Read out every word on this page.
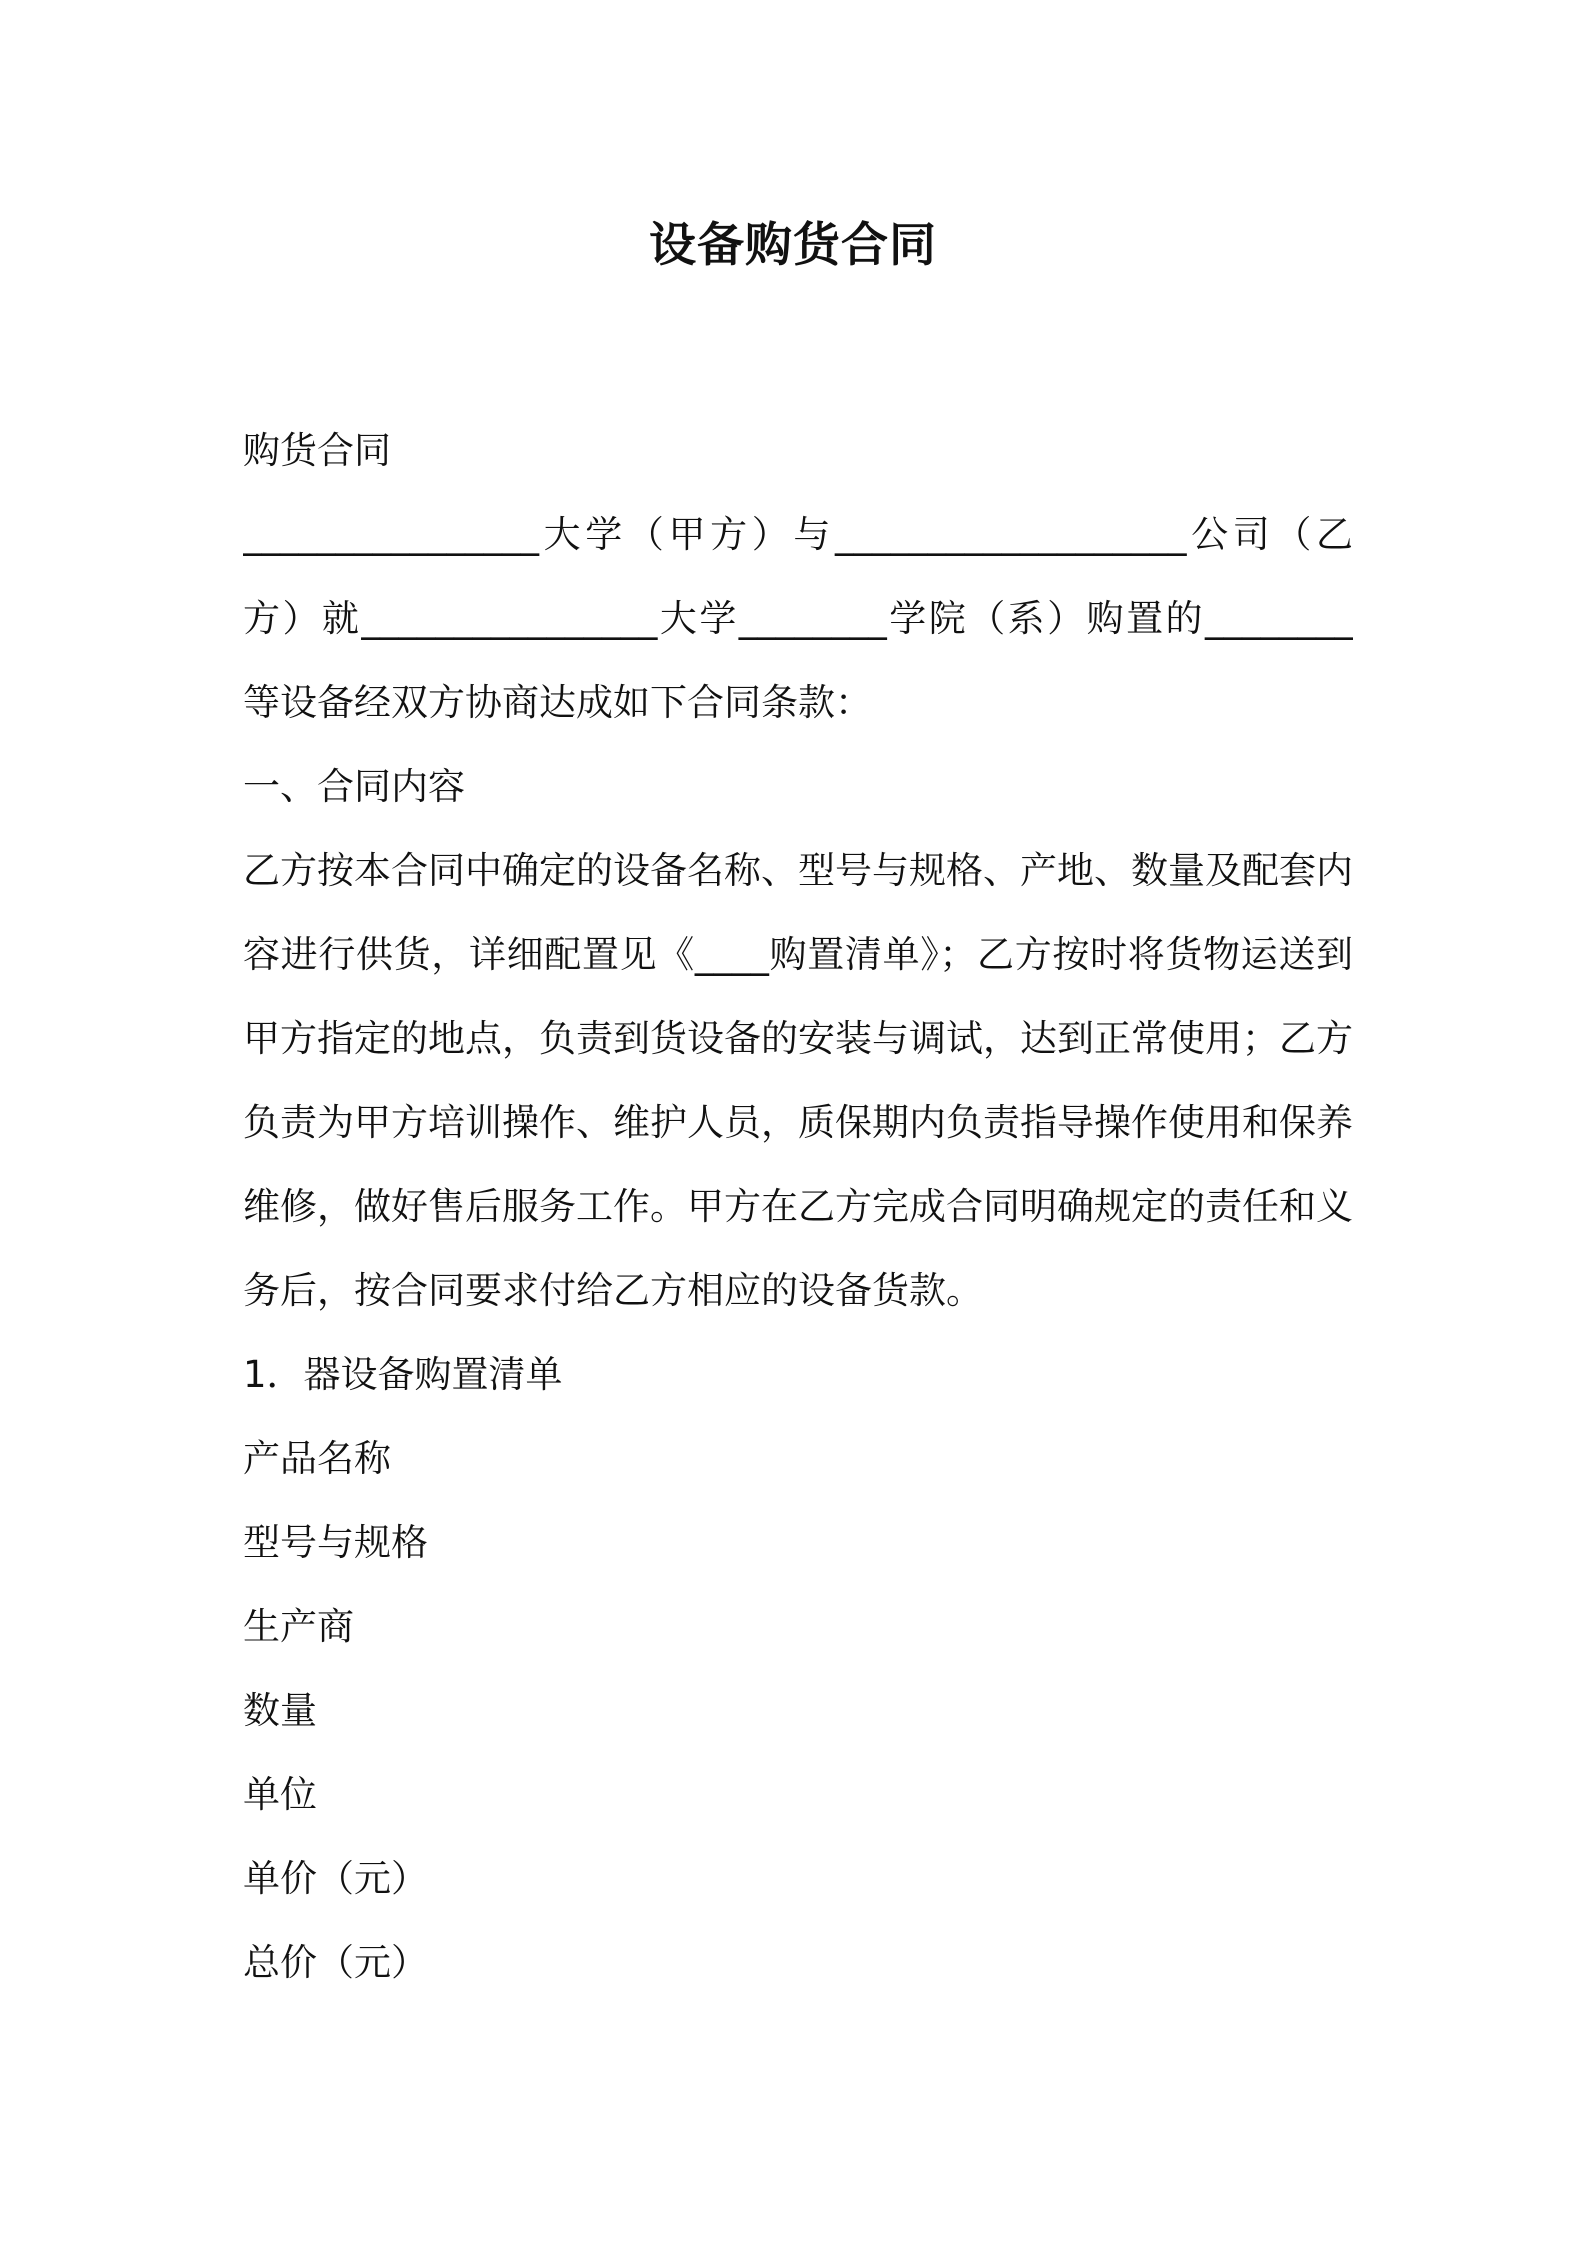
设备购货合同

购货合同

________________大学（甲方）与___________________公司（乙

方）就________________大学________学院（系）购置的________

等设备经双方协商达成如下合同条款：

一、合同内容

乙方按本合同中确定的设备名称、型号与规格、产地、数量及配套内

容进行供货，详细配置见《____购置清单》；乙方按时将货物运送到

甲方指定的地点，负责到货设备的安装与调试，达到正常使用；乙方

负责为甲方培训操作、维护人员，质保期内负责指导操作使用和保养

维修，做好售后服务工作。甲方在乙方完成合同明确规定的责任和义

务后，按合同要求付给乙方相应的设备货款。

1．器设备购置清单

产品名称

型号与规格

生产商

数量

单位

单价（元）

总价（元）
